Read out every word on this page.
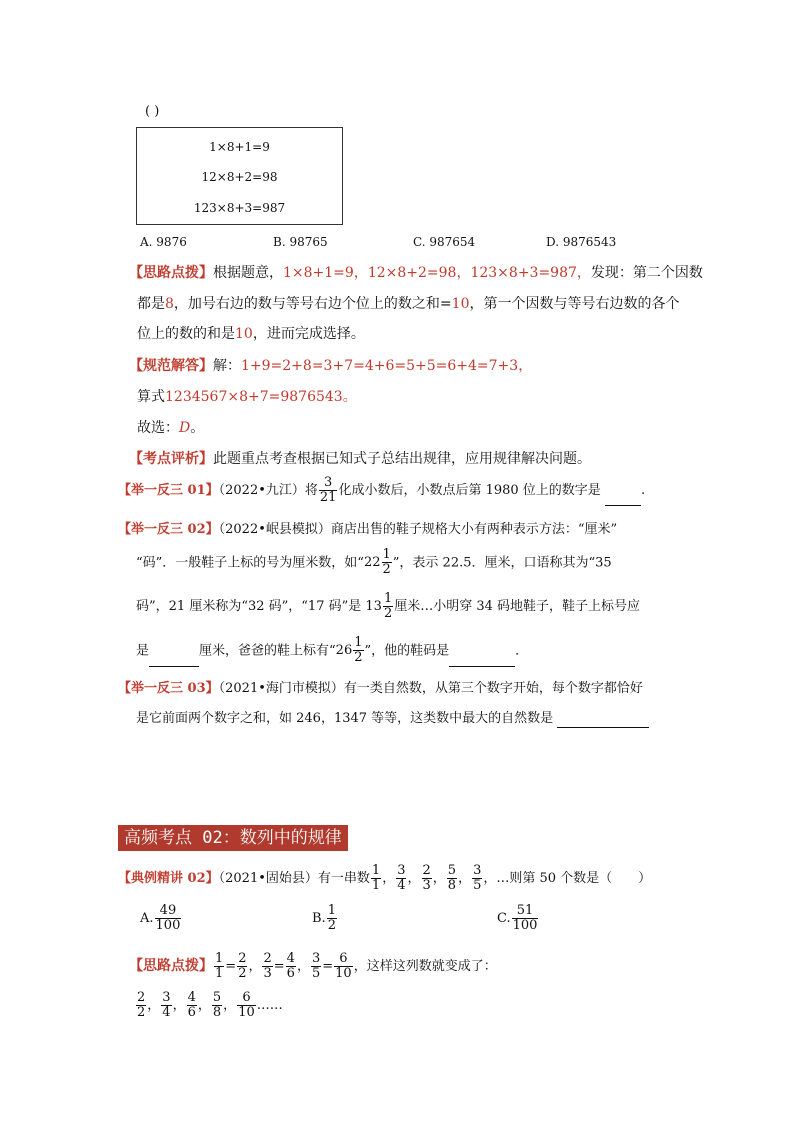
( )
1×8+1=9
12×8+2=98
123×8+3=987
A. 9876	B. 98765	C. 987654	D. 9876543
【思路点拨】根据题意，1×8+1=9，12×8+2=98，123×8+3=987，发现：第二个因数
都是8，加号右边的数与等号右边个位上的数之和=10，第一个因数与等号右边数的各个
位上的数的和是10，进而完成选择。
【规范解答】解：1+9=2+8=3+7=4+6=5+5=6+4=7+3，
算式1234567×8+7=9876543。
故选：D。
【考点评析】此题重点考查根据已知式子总结出规律，应用规律解决问题。
【举一反三 01】（2022•九江）将 $\frac{3}{21}$ 化成小数后，小数点后第 1980 位上的数字是	.
【举一反三 02】（2022•岷县模拟）商店出售的鞋子规格大小有两种表示方法：“厘米”
“码”．一般鞋子上标的号为厘米数，如“$22 \frac{1}{2}$ ”，表示 22.5．厘米，口语称其为“35
码”，21 厘米称为“32 码”，“17 码”是 $13 \frac{1}{2}$ 厘米…小明穿 34 码地鞋子，鞋子上标号应
是	厘米，爸爸的鞋上标有“$26 \frac{1}{2}$ ”，他的鞋码是	．
【举一反三 03】（2021•海门市模拟）有一类自然数，从第三个数字开始，每个数字都恰好
是它前面两个数字之和，如 246，1347 等等，这类数中最大的自然数是
高频考点 02：数列中的规律
【典例精讲 02】（2021•固始县）有一串数 $\frac{1}{1}$ ， $\frac{3}{4}$ ， $\frac{2}{3}$ ， $\frac{5}{8}$ ， $\frac{3}{5}$ ，…则第 50 个数是（　　）
A. $\frac{49}{100}$	B. $\frac{1}{2}$	C. $\frac{51}{100}$
【思路点拨】 $\frac{1}{1} = \frac{2}{2}$ ， $\frac{2}{3} = \frac{4}{6}$ ， $\frac{3}{5} = \frac{6}{10}$ ，这样这列数就变成了：
$\frac{2}{2}$ ， $\frac{3}{4}$ ， $\frac{4}{6}$ ， $\frac{5}{8}$ ， $\frac{6}{10}$ ……
